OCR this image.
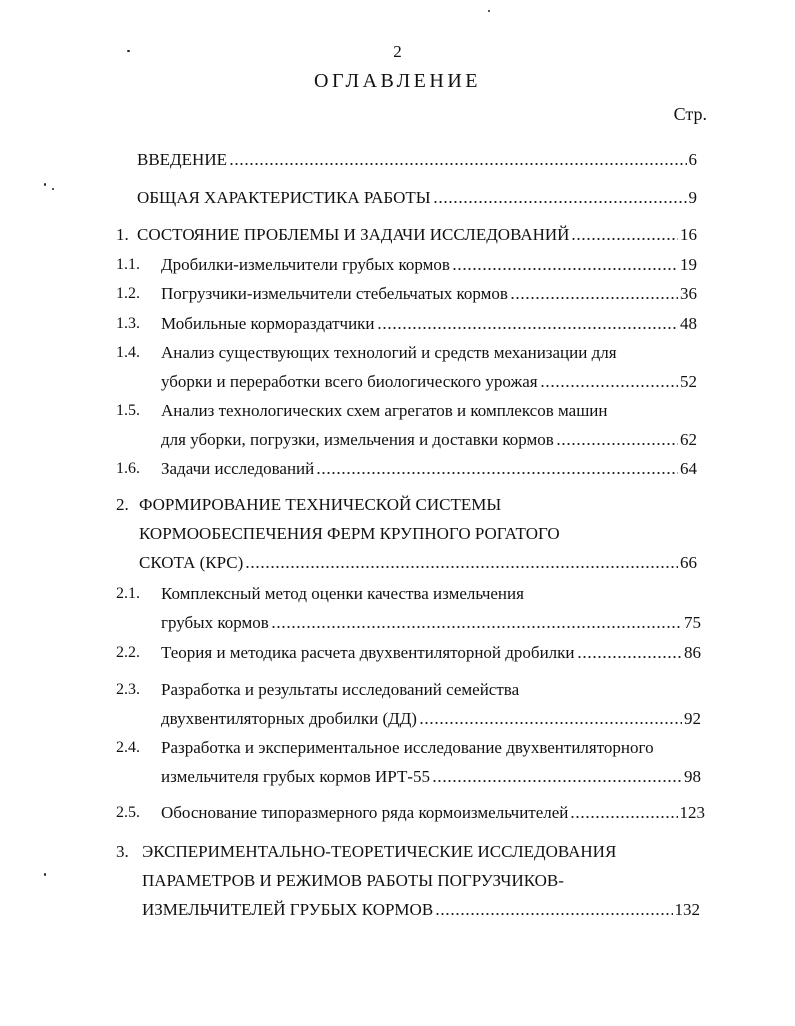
2
ОГЛАВЛЕНИЕ
Стр.
ВВЕДЕНИЕ	6
ОБЩАЯ ХАРАКТЕРИСТИКА РАБОТЫ	9
1. СОСТОЯНИЕ ПРОБЛЕМЫ И ЗАДАЧИ ИССЛЕДОВАНИЙ	16
1.1. Дробилки-измельчители грубых кормов	19
1.2. Погрузчики-измельчители стебельчатых кормов	36
1.3. Мобильные кормораздатчики	48
1.4. Анализ существующих технологий и средств механизации для
уборки и переработки всего биологического урожая	52
1.5. Анализ технологических схем агрегатов и комплексов машин
для уборки, погрузки, измельчения и доставки кормов	62
1.6. Задачи исследований	64
2. ФОРМИРОВАНИЕ ТЕХНИЧЕСКОЙ СИСТЕМЫ
КОРМООБЕСПЕЧЕНИЯ ФЕРМ КРУПНОГО РОГАТОГО
СКОТА (КРС)	66
2.1. Комплексный метод оценки качества измельчения
грубых кормов	75
2.2. Теория и методика расчета двухвентиляторной дробилки	86
2.3. Разработка и результаты исследований семейства
двухвентиляторных дробилки (ДД)	92
2.4. Разработка и экспериментальное исследование двухвентиляторного
измельчителя грубых кормов ИРТ-55	98
2.5. Обоснование типоразмерного ряда кормоизмельчителей	123
3. ЭКСПЕРИМЕНТАЛЬНО-ТЕОРЕТИЧЕСКИЕ ИССЛЕДОВАНИЯ
ПАРАМЕТРОВ И РЕЖИМОВ РАБОТЫ ПОГРУЗЧИКОВ-
ИЗМЕЛЬЧИТЕЛЕЙ ГРУБЫХ КОРМОВ	132
